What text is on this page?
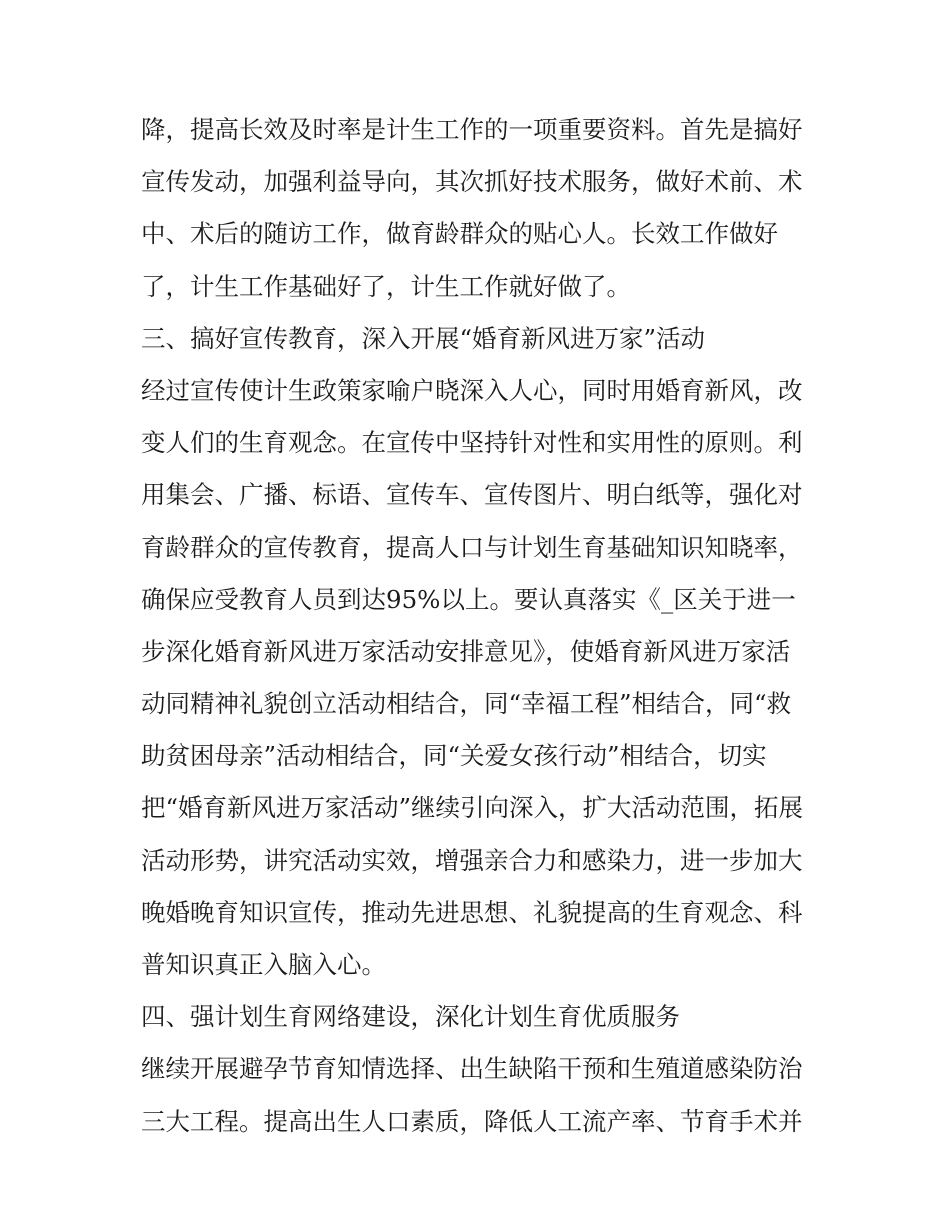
降，提高长效及时率是计生工作的一项重要资料。首先是搞好
宣传发动，加强利益导向，其次抓好技术服务，做好术前、术
中、术后的随访工作，做育龄群众的贴心人。长效工作做好
了，计生工作基础好了，计生工作就好做了。
三、搞好宣传教育，深入开展“婚育新风进万家”活动
经过宣传使计生政策家喻户晓深入人心，同时用婚育新风，改
变人们的生育观念。在宣传中坚持针对性和实用性的原则。利
用集会、广播、标语、宣传车、宣传图片、明白纸等，强化对
育龄群众的宣传教育，提高人口与计划生育基础知识知晓率，
确保应受教育人员到达95%以上。要认真落实《_区关于进一
步深化婚育新风进万家活动安排意见》，使婚育新风进万家活
动同精神礼貌创立活动相结合，同“幸福工程”相结合，同“救
助贫困母亲”活动相结合，同“关爱女孩行动”相结合，切实
把“婚育新风进万家活动”继续引向深入，扩大活动范围，拓展
活动形势，讲究活动实效，增强亲合力和感染力，进一步加大
晚婚晚育知识宣传，推动先进思想、礼貌提高的生育观念、科
普知识真正入脑入心。
四、强计划生育网络建设，深化计划生育优质服务
继续开展避孕节育知情选择、出生缺陷干预和生殖道感染防治
三大工程。提高出生人口素质，降低人工流产率、节育手术并
